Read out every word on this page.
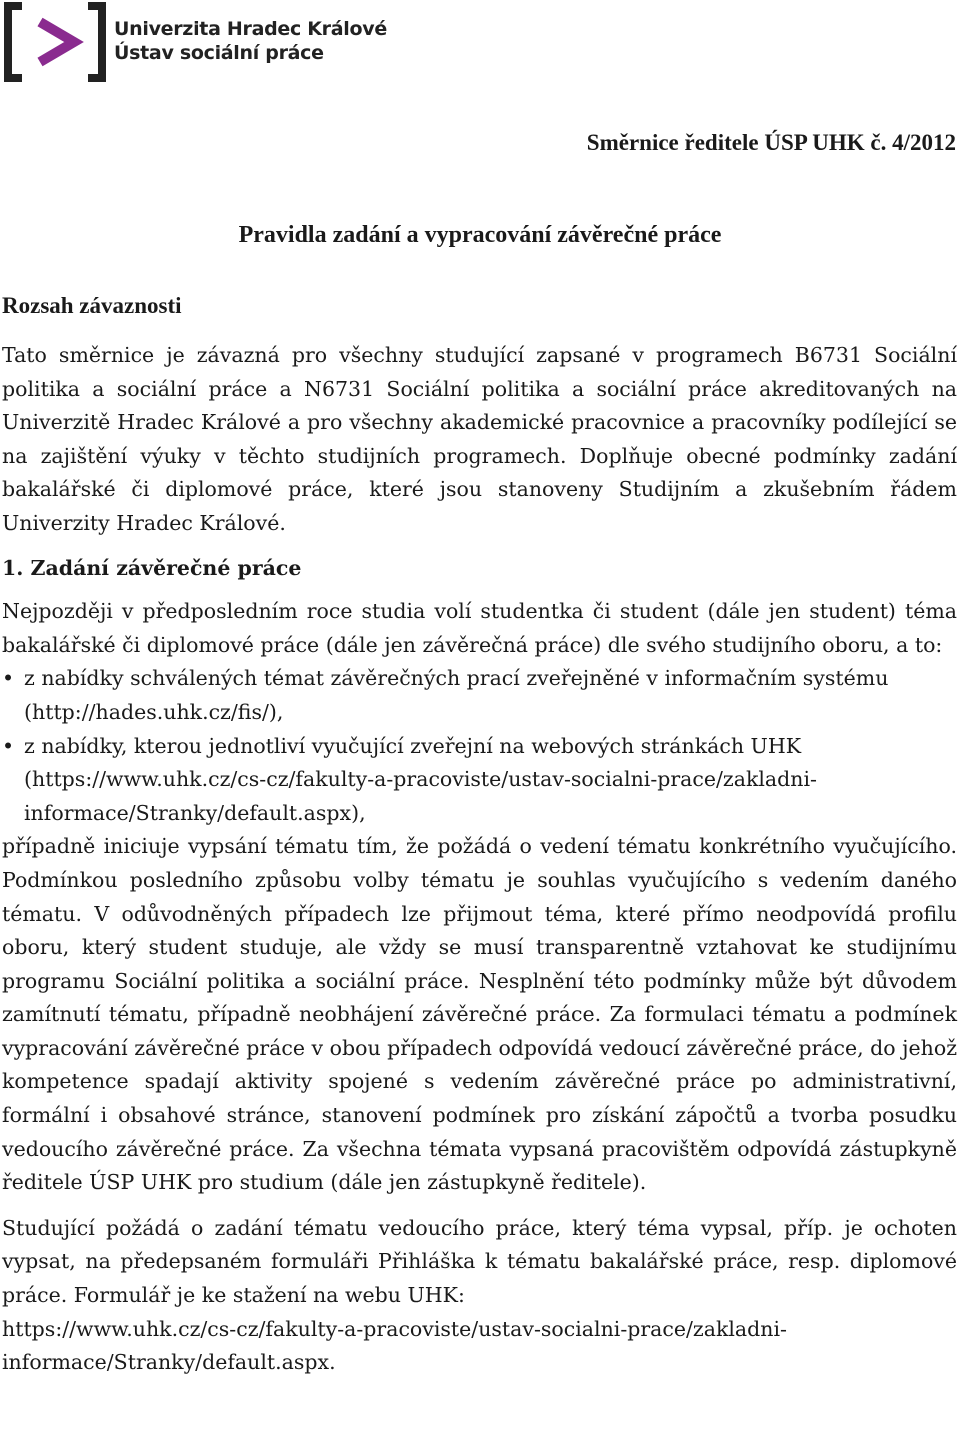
Univerzita Hradec Králové
Ústav sociální práce
Směrnice ředitele ÚSP UHK č. 4/2012
Pravidla zadání a vypracování závěrečné práce
Rozsah závaznosti

Tato směrnice je závazná pro všechny studující zapsané v programech B6731 Sociální politika a sociální práce a N6731 Sociální politika a sociální práce akreditovaných na Univerzitě Hradec Králové a pro všechny akademické pracovnice a pracovníky podílející se na zajištění výuky v těchto studijních programech. Doplňuje obecné podmínky zadání bakalářské či diplomové práce, které jsou stanoveny Studijním a zkušebním řádem Univerzity Hradec Králové.

1. Zadání závěrečné práce

Nejpozději v předposledním roce studia volí studentka či student (dále jen student) téma bakalářské či diplomové práce (dále jen závěrečná práce) dle svého studijního oboru, a to:

• z nabídky schválených témat závěrečných prací zveřejněné v informačním systému (http://hades.uhk.cz/fis/),
• z nabídky, kterou jednotliví vyučující zveřejní na webových stránkách UHK (https://www.uhk.cz/cs-cz/fakulty-a-pracoviste/ustav-socialni-prace/zakladni-informace/Stranky/default.aspx),

případně iniciuje vypsání tématu tím, že požádá o vedení tématu konkrétního vyučujícího. Podmínkou posledního způsobu volby tématu je souhlas vyučujícího s vedením daného tématu. V odůvodněných případech lze přijmout téma, které přímo neodpovídá profilu oboru, který student studuje, ale vždy se musí transparentně vztahovat ke studijnímu programu Sociální politika a sociální práce. Nesplnění této podmínky může být důvodem zamítnutí tématu, případně neobhájení závěrečné práce. Za formulaci tématu a podmínek vypracování závěrečné práce v obou případech odpovídá vedoucí závěrečné práce, do jehož kompetence spadají aktivity spojené s vedením závěrečné práce po administrativní, formální i obsahové stránce, stanovení podmínek pro získání zápočtů a tvorba posudku vedoucího závěrečné práce. Za všechna témata vypsaná pracovištěm odpovídá zástupkyně ředitele ÚSP UHK pro studium (dále jen zástupkyně ředitele).

Studující požádá o zadání tématu vedoucího práce, který téma vypsal, příp. je ochoten vypsat, na předepsaném formuláři Přihláška k tématu bakalářské práce, resp. diplomové práce. Formulář je ke stažení na webu UHK:

https://www.uhk.cz/cs-cz/fakulty-a-pracoviste/ustav-socialni-prace/zakladni-informace/Stranky/default.aspx.
